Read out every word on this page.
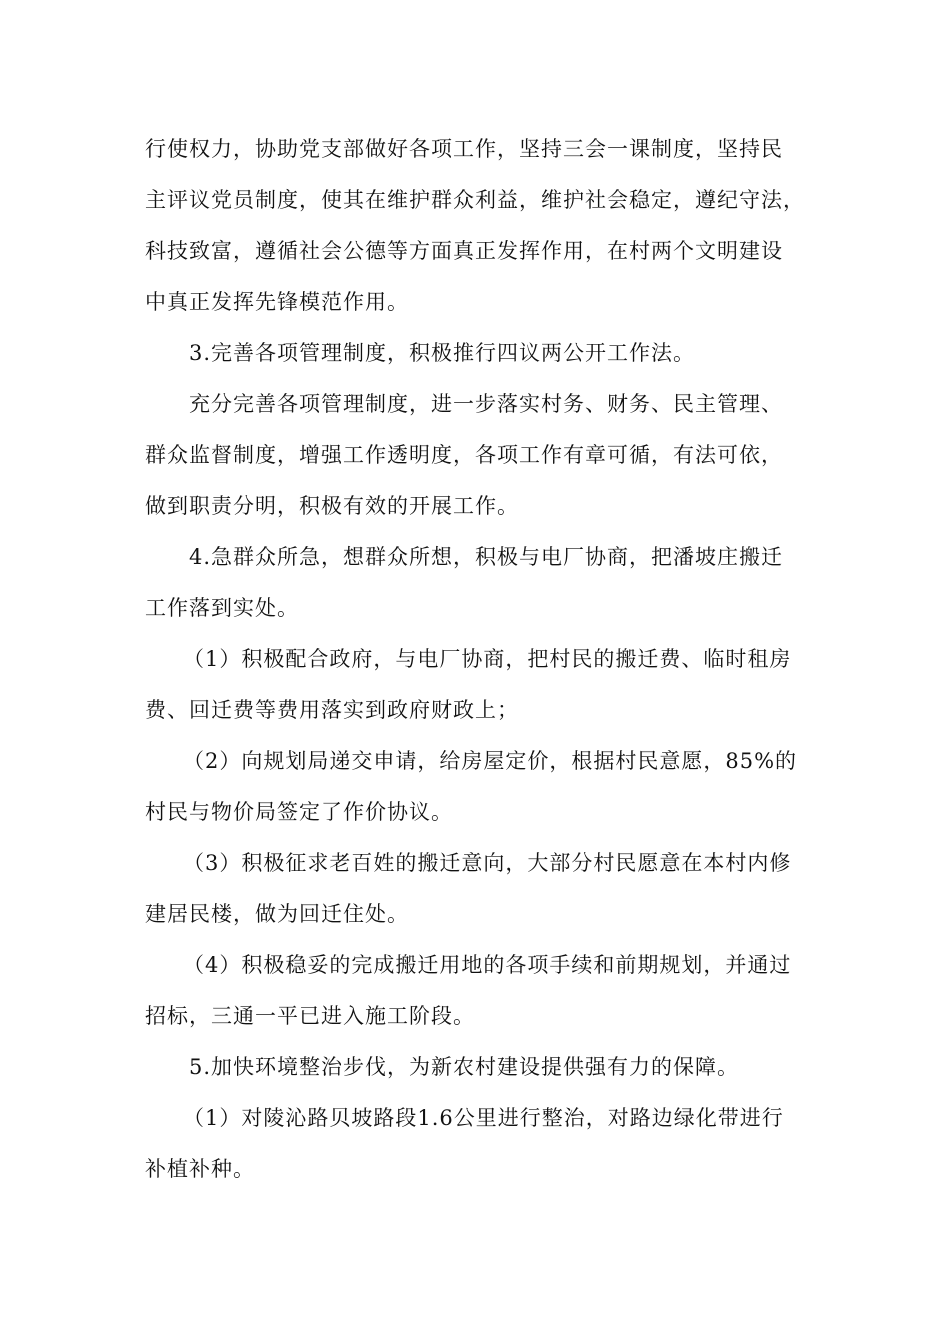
行使权力，协助党支部做好各项工作，坚持三会一课制度，坚持民
主评议党员制度，使其在维护群众利益，维护社会稳定，遵纪守法，
科技致富，遵循社会公德等方面真正发挥作用，在村两个文明建设
中真正发挥先锋模范作用。

3.完善各项管理制度，积极推行四议两公开工作法。

充分完善各项管理制度，进一步落实村务、财务、民主管理、
群众监督制度，增强工作透明度，各项工作有章可循，有法可依，
做到职责分明，积极有效的开展工作。

4.急群众所急，想群众所想，积极与电厂协商，把潘坡庄搬迁
工作落到实处。

（1）积极配合政府，与电厂协商，把村民的搬迁费、临时租房
费、回迁费等费用落实到政府财政上；

（2）向规划局递交申请，给房屋定价，根据村民意愿，85%的
村民与物价局签定了作价协议。

（3）积极征求老百姓的搬迁意向，大部分村民愿意在本村内修
建居民楼，做为回迁住处。

（4）积极稳妥的完成搬迁用地的各项手续和前期规划，并通过
招标，三通一平已进入施工阶段。

5.加快环境整治步伐，为新农村建设提供强有力的保障。

（1）对陵沁路贝坡路段1.6公里进行整治，对路边绿化带进行
补植补种。
